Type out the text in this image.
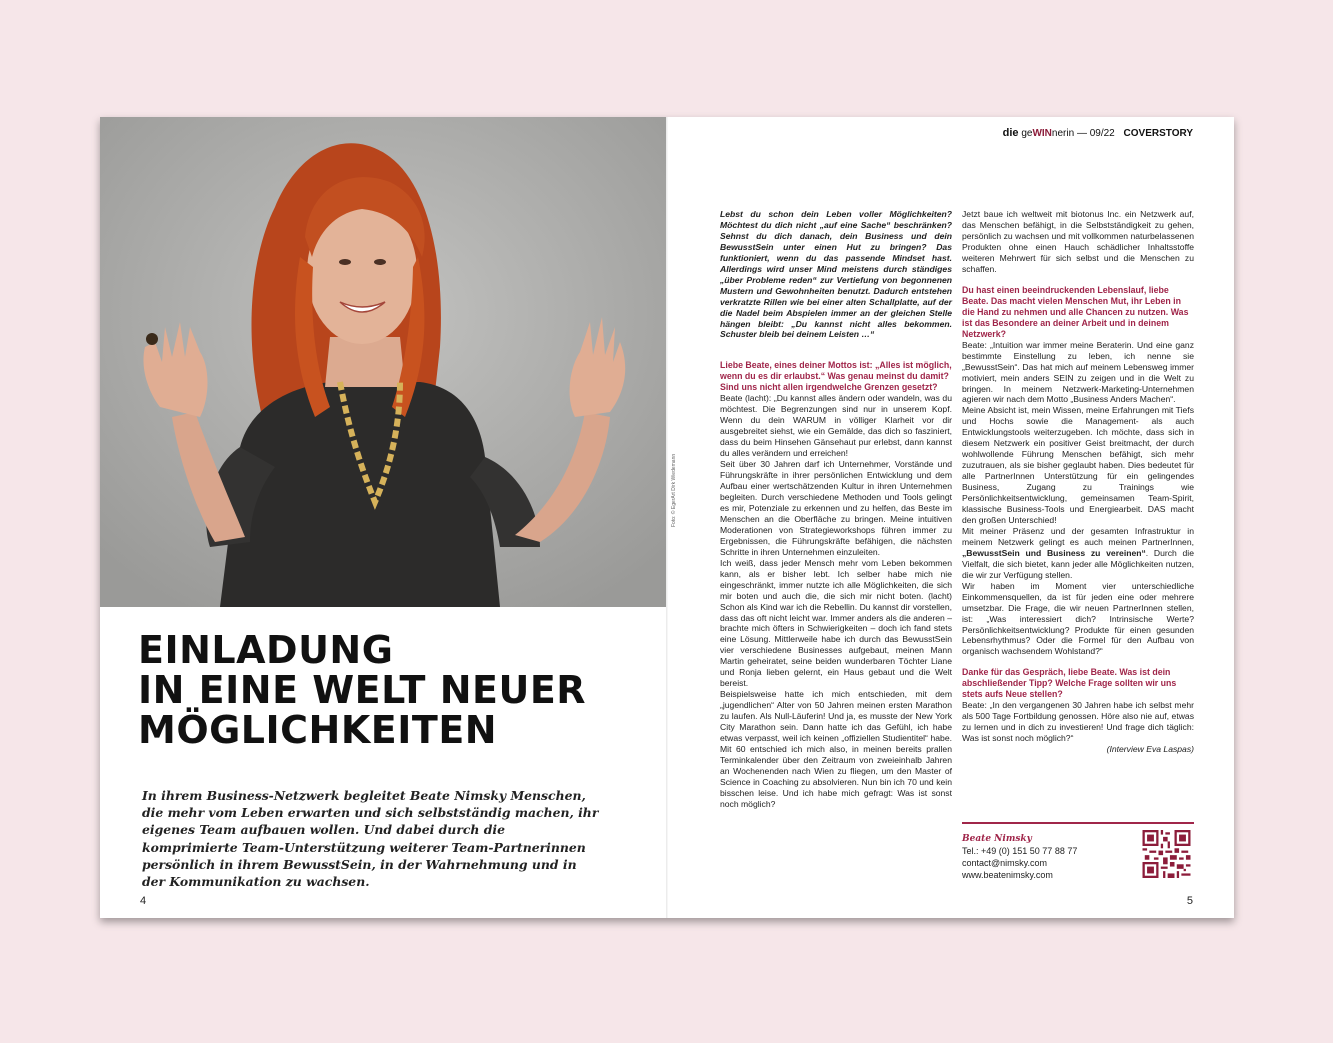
Foto: © EgerArt Dirk Wiedemann
EINLADUNG
IN EINE WELT NEUER
MÖGLICHKEITEN

In ihrem Business-Netzwerk begleitet Beate Nimsky Menschen, die mehr vom Leben erwarten und sich selbstständig machen, ihr eigenes Team aufbauen wollen. Und dabei durch die komprimierte Team-Unterstützung weiterer Team-Partnerinnen persönlich in ihrem BewusstSein, in der Wahrnehmung und in der Kommunikation zu wachsen.

4
die geWINnerin — 09/22 COVERSTORY

Lebst du schon dein Leben voller Möglichkeiten? Möchtest du dich nicht „auf eine Sache“ beschränken? Sehnst du dich danach, dein Business und dein BewusstSein unter einen Hut zu bringen? Das funktioniert, wenn du das passende Mindset hast. Allerdings wird unser Mind meistens durch ständiges „über Probleme reden“ zur Vertiefung von begonnenen Mustern und Gewohnheiten benutzt. Dadurch entstehen verkratzte Rillen wie bei einer alten Schallplatte, auf der die Nadel beim Abspielen immer an der gleichen Stelle hängen bleibt: „Du kannst nicht alles bekommen. Schuster bleib bei deinem Leisten …“

Liebe Beate, eines deiner Mottos ist: „Alles ist möglich, wenn du es dir erlaubst.“ Was genau meinst du damit? Sind uns nicht allen irgendwelche Grenzen gesetzt?

Beate (lacht): „Du kannst alles ändern oder wandeln, was du möchtest. Die Begrenzungen sind nur in unserem Kopf. Wenn du dein WARUM in völliger Klarheit vor dir ausgebreitet siehst, wie ein Gemälde, das dich so fasziniert, dass du beim Hinsehen Gänsehaut pur erlebst, dann kannst du alles verändern und erreichen!

Seit über 30 Jahren darf ich Unternehmer, Vorstände und Führungskräfte in ihrer persönlichen Entwicklung und dem Aufbau einer wertschätzenden Kultur in ihren Unternehmen begleiten. Durch verschiedene Methoden und Tools gelingt es mir, Potenziale zu erkennen und zu helfen, das Beste im Menschen an die Oberfläche zu bringen. Meine intuitiven Moderationen von Strategieworkshops führen immer zu Ergebnissen, die Führungskräfte befähigen, die nächsten Schritte in ihren Unternehmen einzuleiten.

Ich weiß, dass jeder Mensch mehr vom Leben bekommen kann, als er bisher lebt. Ich selber habe mich nie eingeschränkt, immer nutzte ich alle Möglichkeiten, die sich mir boten und auch die, die sich mir nicht boten. (lacht) Schon als Kind war ich die Rebellin. Du kannst dir vorstellen, dass das oft nicht leicht war. Immer anders als die anderen – brachte mich öfters in Schwierigkeiten – doch ich fand stets eine Lösung. Mittlerweile habe ich durch das BewusstSein vier verschiedene Businesses aufgebaut, meinen Mann Martin geheiratet, seine beiden wunderbaren Töchter Liane und Ronja lieben gelernt, ein Haus gebaut und die Welt bereist.

Beispielsweise hatte ich mich entschieden, mit dem „jugendlichen“ Alter von 50 Jahren meinen ersten Marathon zu laufen. Als Null-Läuferin! Und ja, es musste der New York City Marathon sein. Dann hatte ich das Gefühl, ich habe etwas verpasst, weil ich keinen „offiziellen Studientitel“ habe. Mit 60 entschied ich mich also, in meinen bereits prallen Terminkalender über den Zeitraum von zweieinhalb Jahren an Wochenenden nach Wien zu fliegen, um den Master of Science in Coaching zu absolvieren. Nun bin ich 70 und kein bisschen leise. Und ich habe mich gefragt: Was ist sonst noch möglich?

Jetzt baue ich weltweit mit biotonus Inc. ein Netzwerk auf, das Menschen befähigt, in die Selbstständigkeit zu gehen, persönlich zu wachsen und mit vollkommen naturbelassenen Produkten ohne einen Hauch schädlicher Inhaltsstoffe weiteren Mehrwert für sich selbst und die Menschen zu schaffen.

Du hast einen beeindruckenden Lebenslauf, liebe Beate. Das macht vielen Menschen Mut, ihr Leben in die Hand zu nehmen und alle Chancen zu nutzen. Was ist das Besondere an deiner Arbeit und in deinem Netzwerk?

Beate: „Intuition war immer meine Beraterin. Und eine ganz bestimmte Einstellung zu leben, ich nenne sie „BewusstSein“. Das hat mich auf meinem Lebensweg immer motiviert, mein anders SEIN zu zeigen und in die Welt zu bringen. In meinem Netzwerk-Marketing-Unternehmen agieren wir nach dem Motto „Business Anders Machen“.

Meine Absicht ist, mein Wissen, meine Erfahrungen mit Tiefs und Hochs sowie die Management- als auch Entwicklungstools weiterzugeben. Ich möchte, dass sich in diesem Netzwerk ein positiver Geist breitmacht, der durch wohlwollende Führung Menschen befähigt, sich mehr zuzutrauen, als sie bisher geglaubt haben. Dies bedeutet für alle PartnerInnen Unterstützung für ein gelingendes Business, Zugang zu Trainings wie Persönlichkeitsentwicklung, gemeinsamen Team-Spirit, klassische Business-Tools und Energiearbeit. DAS macht den großen Unterschied!

Mit meiner Präsenz und der gesamten Infrastruktur in meinem Netzwerk gelingt es auch meinen PartnerInnen, „BewusstSein und Business zu vereinen“. Durch die Vielfalt, die sich bietet, kann jeder alle Möglichkeiten nutzen, die wir zur Verfügung stellen.

Wir haben im Moment vier unterschiedliche Einkommensquellen, da ist für jeden eine oder mehrere umsetzbar. Die Frage, die wir neuen PartnerInnen stellen, ist: „Was interessiert dich? Intrinsische Werte? Persönlichkeitsentwicklung? Produkte für einen gesunden Lebensrhythmus? Oder die Formel für den Aufbau von organisch wachsendem Wohlstand?“

Danke für das Gespräch, liebe Beate. Was ist dein abschließender Tipp? Welche Frage sollten wir uns stets aufs Neue stellen?

Beate: „In den vergangenen 30 Jahren habe ich selbst mehr als 500 Tage Fortbildung genossen. Höre also nie auf, etwas zu lernen und in dich zu investieren! Und frage dich täglich: Was ist sonst noch möglich?“

(Interview Eva Laspas)

Beate Nimsky
Tel.: +49 (0) 151 50 77 88 77
contact@nimsky.com
www.beatenimsky.com
5
